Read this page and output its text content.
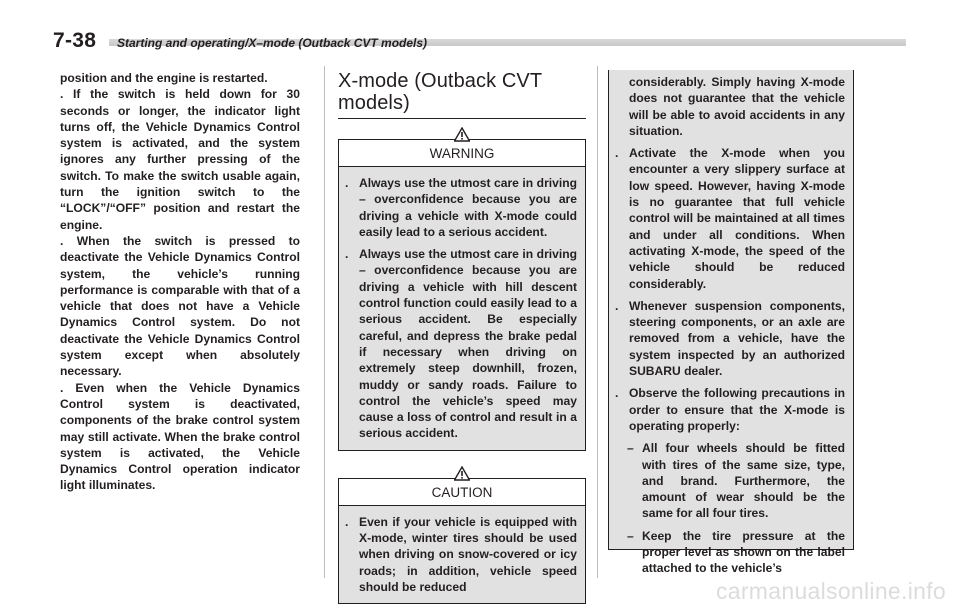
7-38 Starting and operating/X–mode (Outback CVT models)

position and the engine is restarted.

. If the switch is held down for 30 seconds or longer, the indicator light turns off, the Vehicle Dynamics Control system is activated, and the system ignores any further pressing of the switch. To make the switch usable again, turn the ignition switch to the “LOCK”/“OFF” position and restart the engine.

. When the switch is pressed to deactivate the Vehicle Dynamics Control system, the vehicle’s running performance is comparable with that of a vehicle that does not have a Vehicle Dynamics Control system. Do not deactivate the Vehicle Dynamics Control system except when absolutely necessary.

. Even when the Vehicle Dynamics Control system is deactivated, components of the brake control system may still activate. When the brake control system is activated, the Vehicle Dynamics Control operation indicator light illuminates.

X-mode (Outback CVT models)
WARNING
. Always use the utmost care in driving – overconfidence because you are driving a vehicle with X-mode could easily lead to a serious accident.
. Always use the utmost care in driving – overconfidence because you are driving a vehicle with hill descent control function could easily lead to a serious accident. Be especially careful, and depress the brake pedal if necessary when driving on extremely steep downhill, frozen, muddy or sandy roads. Failure to control the vehicle’s speed may cause a loss of control and result in a serious accident.
CAUTION
. Even if your vehicle is equipped with X-mode, winter tires should be used when driving on snow-covered or icy roads; in addition, vehicle speed should be reduced
considerably. Simply having X-mode does not guarantee that the vehicle will be able to avoid accidents in any situation.
. Activate the X-mode when you encounter a very slippery surface at low speed. However, having X-mode is no guarantee that full vehicle control will be maintained at all times and under all conditions. When activating X-mode, the speed of the vehicle should be reduced considerably.
. Whenever suspension components, steering components, or an axle are removed from a vehicle, have the system inspected by an authorized SUBARU dealer.
. Observe the following precautions in order to ensure that the X-mode is operating properly:
– All four wheels should be fitted with tires of the same size, type, and brand. Furthermore, the amount of wear should be the same for all four tires.
– Keep the tire pressure at the proper level as shown on the label attached to the vehicle’s
carmanualsonline.info
